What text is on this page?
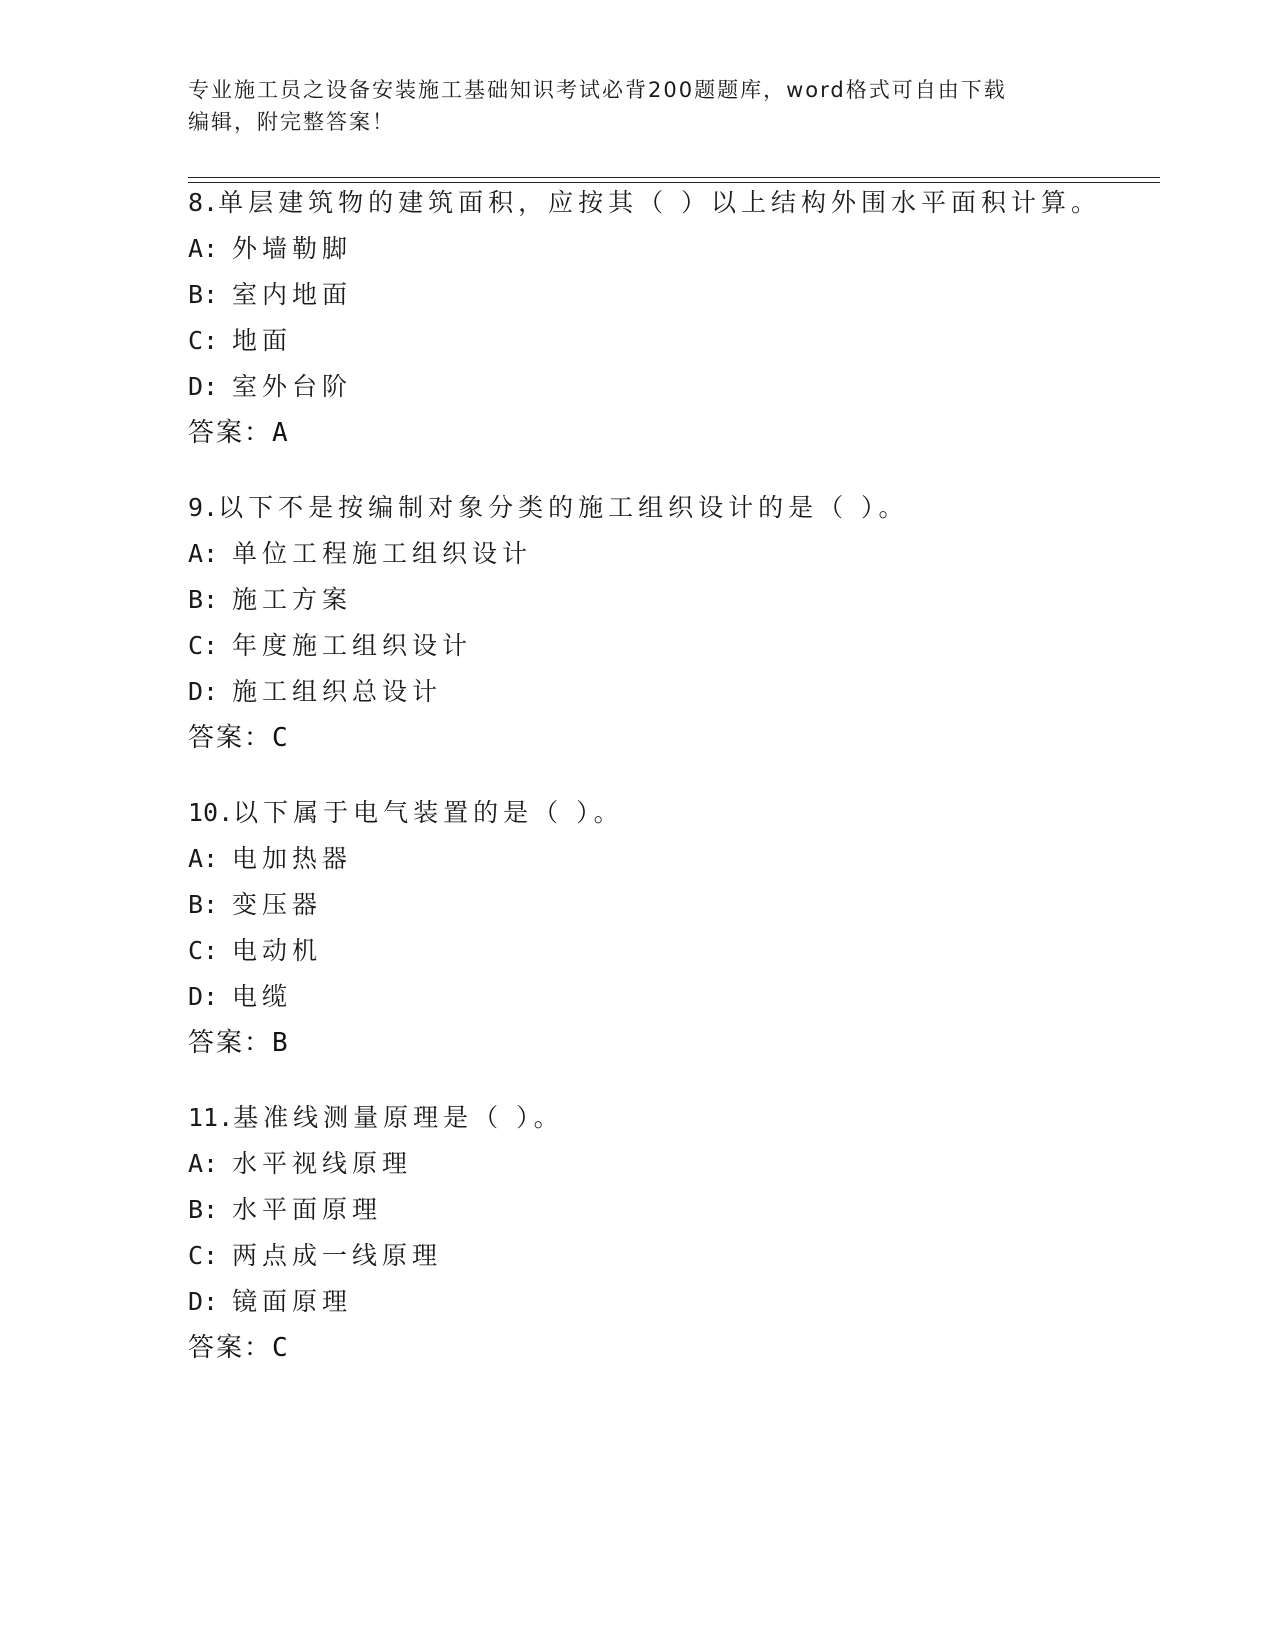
专业施工员之设备安装施工基础知识考试必背200题题库，word格式可自由下载
编辑，附完整答案！
8.单层建筑物的建筑面积，应按其（ ）以上结构外围水平面积计算。
A: 外墙勒脚
B: 室内地面
C: 地面
D: 室外台阶
答案：A
9.以下不是按编制对象分类的施工组织设计的是（ ）。
A: 单位工程施工组织设计
B: 施工方案
C: 年度施工组织设计
D: 施工组织总设计
答案：C
10.以下属于电气装置的是（ ）。
A: 电加热器
B: 变压器
C: 电动机
D: 电缆
答案：B
11.基准线测量原理是（ ）。
A: 水平视线原理
B: 水平面原理
C: 两点成一线原理
D: 镜面原理
答案：C
